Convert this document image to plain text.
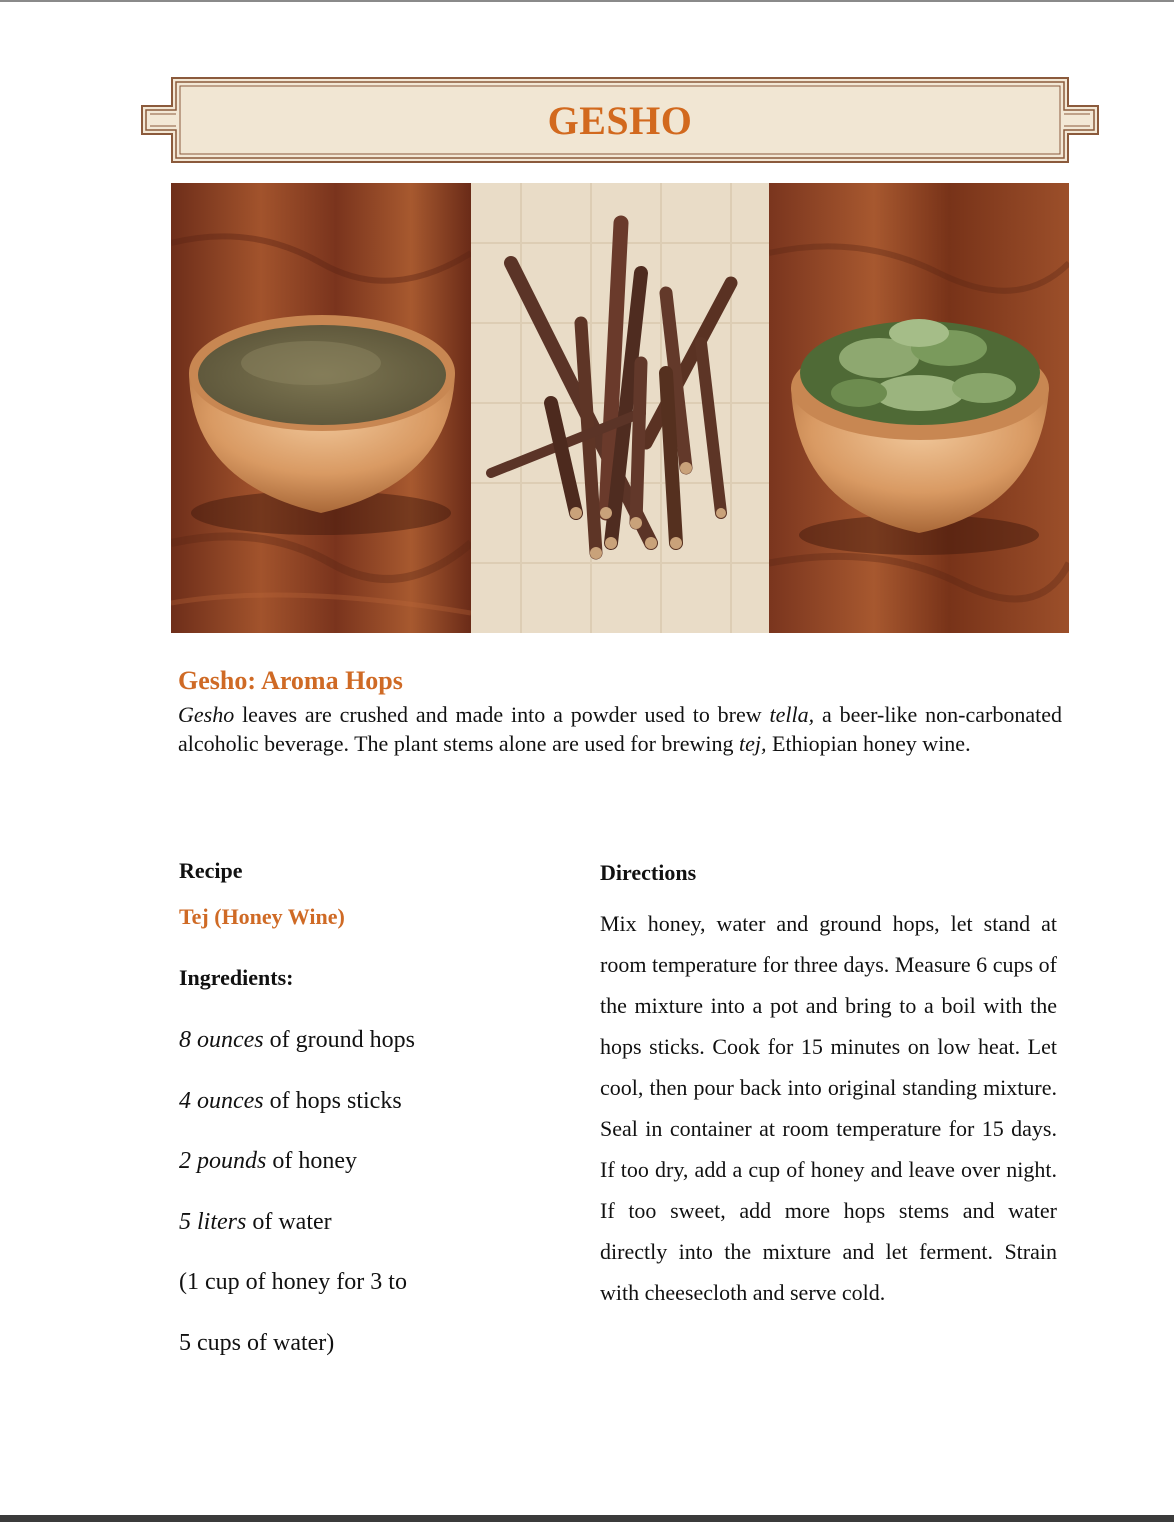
GESHO
Gesho: Aroma Hops
Gesho leaves are crushed and made into a powder used to brew tella, a beer-like non-carbonated alcoholic beverage. The plant stems alone are used for brewing tej, Ethiopian honey wine.
Recipe
Tej (Honey Wine)
Ingredients:
8 ounces of ground hops
4 ounces of hops sticks
2 pounds of honey
5 liters of water
(1 cup of honey for 3 to
5 cups of water)
Directions
Mix honey, water and ground hops, let stand at room temperature for three days. Measure 6 cups of the mixture into a pot and bring to a boil with the hops sticks. Cook for 15 minutes on low heat. Let cool, then pour back into original standing mixture. Seal in container at room temperature for 15 days. If too dry, add a cup of honey and leave over night. If too sweet, add more hops stems and water directly into the mixture and let ferment. Strain with cheesecloth and serve cold.
